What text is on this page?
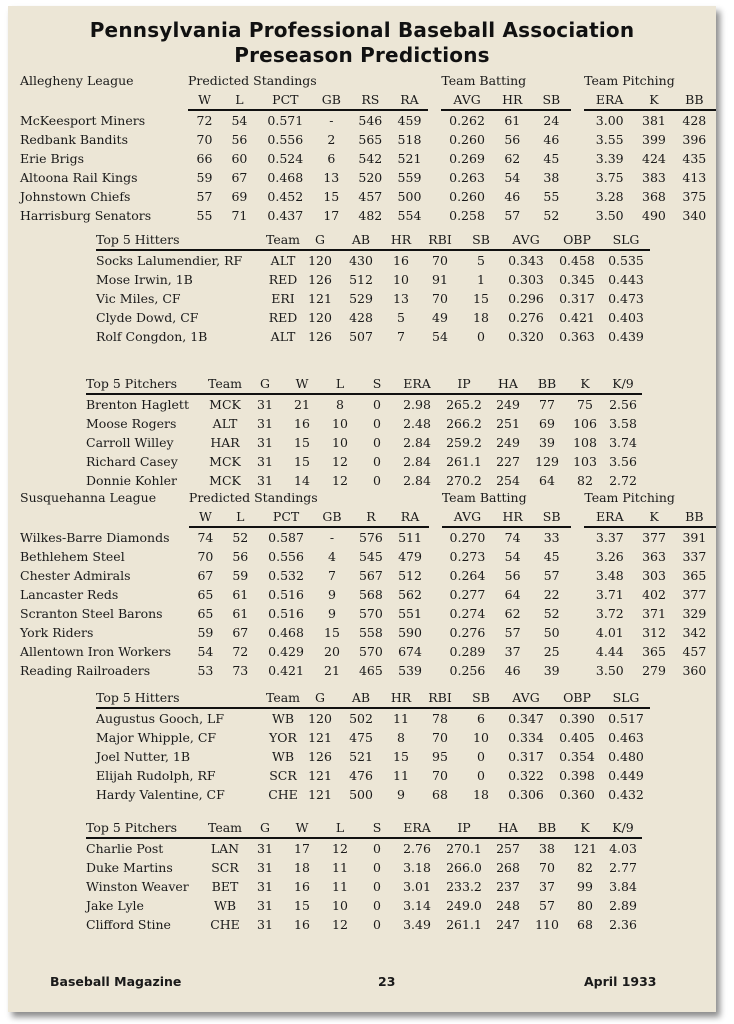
Pennsylvania Professional Baseball Association
Preseason Predictions
Allegheny League	Predicted Standings							Team Batting				Team Pitching		
	W	L	PCT	GB	RS	RA		AVG	HR	SB		ERA	K	BB
McKeesport Miners	72	54	0.571	-	546	459		0.262	61	24		3.00	381	428
Redbank Bandits	70	56	0.556	2	565	518		0.260	56	46		3.55	399	396
Erie Brigs	66	60	0.524	6	542	521		0.269	62	45		3.39	424	435
Altoona Rail Kings	59	67	0.468	13	520	559		0.263	54	38		3.75	383	413
Johnstown Chiefs	57	69	0.452	15	457	500		0.260	46	55		3.28	368	375
Harrisburg Senators	55	71	0.437	17	482	554		0.258	57	52		3.50	490	340
Top 5 Hitters	Team	G	AB	HR	RBI	SB	AVG	OBP	SLG
Socks Lalumendier, RF	ALT	120	430	16	70	5	0.343	0.458	0.535
Mose Irwin, 1B	RED	126	512	10	91	1	0.303	0.345	0.443
Vic Miles, CF	ERI	121	529	13	70	15	0.296	0.317	0.473
Clyde Dowd, CF	RED	120	428	5	49	18	0.276	0.421	0.403
Rolf Congdon, 1B	ALT	126	507	7	54	0	0.320	0.363	0.439
Top 5 Pitchers	Team	G	W	L	S	ERA	IP	HA	BB	K	K/9
Brenton Haglett	MCK	31	21	8	0	2.98	265.2	249	77	75	2.56
Moose Rogers	ALT	31	16	10	0	2.48	266.2	251	69	106	3.58
Carroll Willey	HAR	31	15	10	0	2.84	259.2	249	39	108	3.74
Richard Casey	MCK	31	15	12	0	2.84	261.1	227	129	103	3.56
Donnie Kohler	MCK	31	14	12	0	2.84	270.2	254	64	82	2.72
Susquehanna League	Predicted Standings							Team Batting				Team Pitching		
	W	L	PCT	GB	R	RA		AVG	HR	SB		ERA	K	BB
Wilkes-Barre Diamonds	74	52	0.587	-	576	511		0.270	74	33		3.37	377	391
Bethlehem Steel	70	56	0.556	4	545	479		0.273	54	45		3.26	363	337
Chester Admirals	67	59	0.532	7	567	512		0.264	56	57		3.48	303	365
Lancaster Reds	65	61	0.516	9	568	562		0.277	64	22		3.71	402	377
Scranton Steel Barons	65	61	0.516	9	570	551		0.274	62	52		3.72	371	329
York Riders	59	67	0.468	15	558	590		0.276	57	50		4.01	312	342
Allentown Iron Workers	54	72	0.429	20	570	674		0.289	37	25		4.44	365	457
Reading Railroaders	53	73	0.421	21	465	539		0.256	46	39		3.50	279	360
Top 5 Hitters	Team	G	AB	HR	RBI	SB	AVG	OBP	SLG
Augustus Gooch, LF	WB	120	502	11	78	6	0.347	0.390	0.517
Major Whipple, CF	YOR	121	475	8	70	10	0.334	0.405	0.463
Joel Nutter, 1B	WB	126	521	15	95	0	0.317	0.354	0.480
Elijah Rudolph, RF	SCR	121	476	11	70	0	0.322	0.398	0.449
Hardy Valentine, CF	CHE	121	500	9	68	18	0.306	0.360	0.432
Top 5 Pitchers	Team	G	W	L	S	ERA	IP	HA	BB	K	K/9
Charlie Post	LAN	31	17	12	0	2.76	270.1	257	38	121	4.03
Duke Martins	SCR	31	18	11	0	3.18	266.0	268	70	82	2.77
Winston Weaver	BET	31	16	11	0	3.01	233.2	237	37	99	3.84
Jake Lyle	WB	31	15	10	0	3.14	249.0	248	57	80	2.89
Clifford Stine	CHE	31	16	12	0	3.49	261.1	247	110	68	2.36
Baseball Magazine	23	April 1933
